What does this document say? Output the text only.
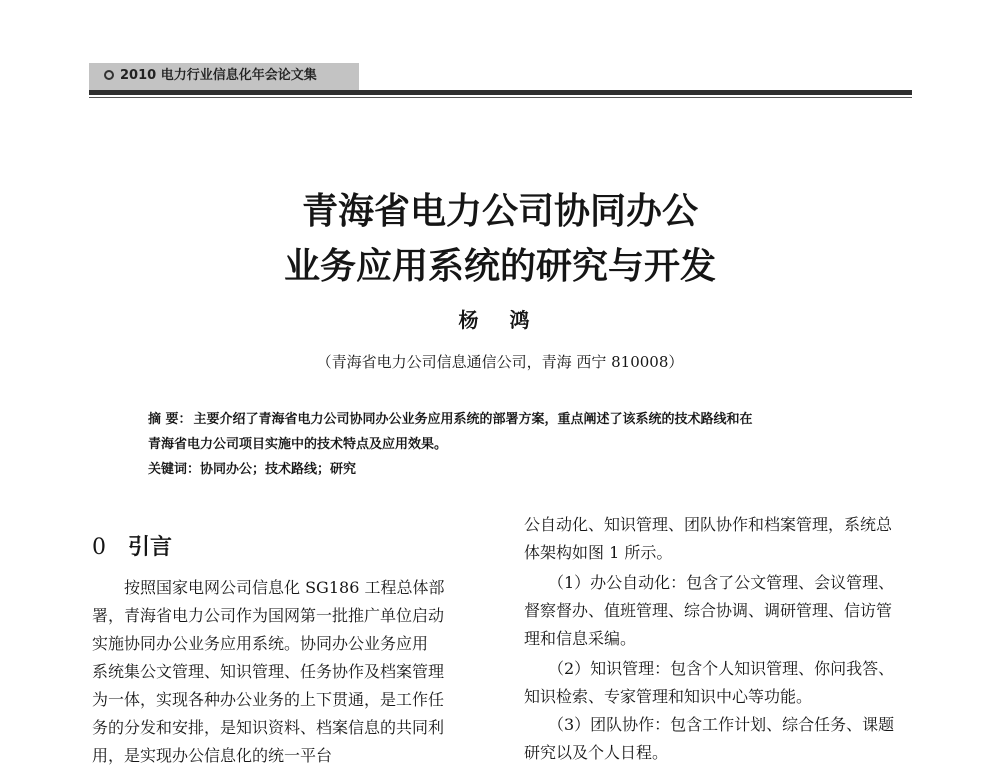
2010 电力行业信息化年会论文集
青海省电力公司协同办公
业务应用系统的研究与开发
杨 鸿
（青海省电力公司信息通信公司，青海 西宁 810008）
摘 要： 主要介绍了青海省电力公司协同办公业务应用系统的部署方案，重点阐述了该系统的技术路线和在
青海省电力公司项目实施中的技术特点及应用效果。
关键词：协同办公；技术路线；研究
0 引言
　　按照国家电网公司信息化 SG186 工程总体部
署，青海省电力公司作为国网第一批推广单位启动
实施协同办公业务应用系统。协同办公业务应用
系统集公文管理、知识管理、任务协作及档案管理
为一体，实现各种办公业务的上下贯通，是工作任
务的分发和安排，是知识资料、档案信息的共同利
用，是实现办公信息化的统一平台
公自动化、知识管理、团队协作和档案管理，系统总
体架构如图 1 所示。
　　（1）办公自动化：包含了公文管理、会议管理、
督察督办、值班管理、综合协调、调研管理、信访管
理和信息采编。
　　（2）知识管理：包含个人知识管理、你问我答、
知识检索、专家管理和知识中心等功能。
　　（3）团队协作：包含工作计划、综合任务、课题
研究以及个人日程。
